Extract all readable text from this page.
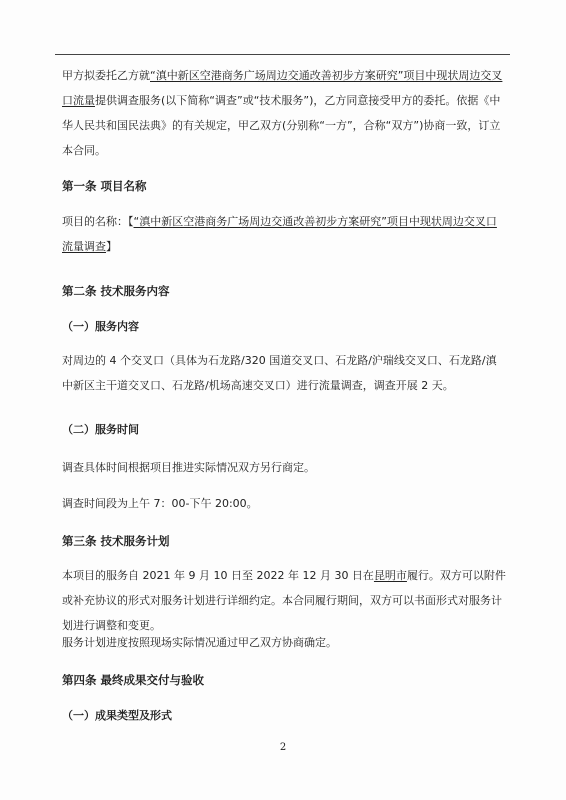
甲方拟委托乙方就“滇中新区空港商务广场周边交通改善初步方案研究”项目中现状周边交叉口流量提供调查服务(以下简称“调查”或“技术服务”)，乙方同意接受甲方的委托。依据《中华人民共和国民法典》的有关规定，甲乙双方(分别称“一方”，合称“双方”)协商一致，订立本合同。
第一条 项目名称
项目的名称：【“滇中新区空港商务广场周边交通改善初步方案研究”项目中现状周边交叉口流量调查】
第二条 技术服务内容
（一）服务内容
对周边的 4 个交叉口（具体为石龙路/320 国道交叉口、石龙路/沪瑞线交叉口、石龙路/滇中新区主干道交叉口、石龙路/机场高速交叉口）进行流量调查，调查开展 2 天。
（二）服务时间
调查具体时间根据项目推进实际情况双方另行商定。
调查时间段为上午 7：00-下午 20:00。
第三条 技术服务计划
本项目的服务自 2021 年 9 月 10 日至 2022 年 12 月 30 日在昆明市履行。双方可以附件或补充协议的形式对服务计划进行详细约定。本合同履行期间，双方可以书面形式对服务计划进行调整和变更。
服务计划进度按照现场实际情况通过甲乙双方协商确定。
第四条 最终成果交付与验收
（一）成果类型及形式
2
